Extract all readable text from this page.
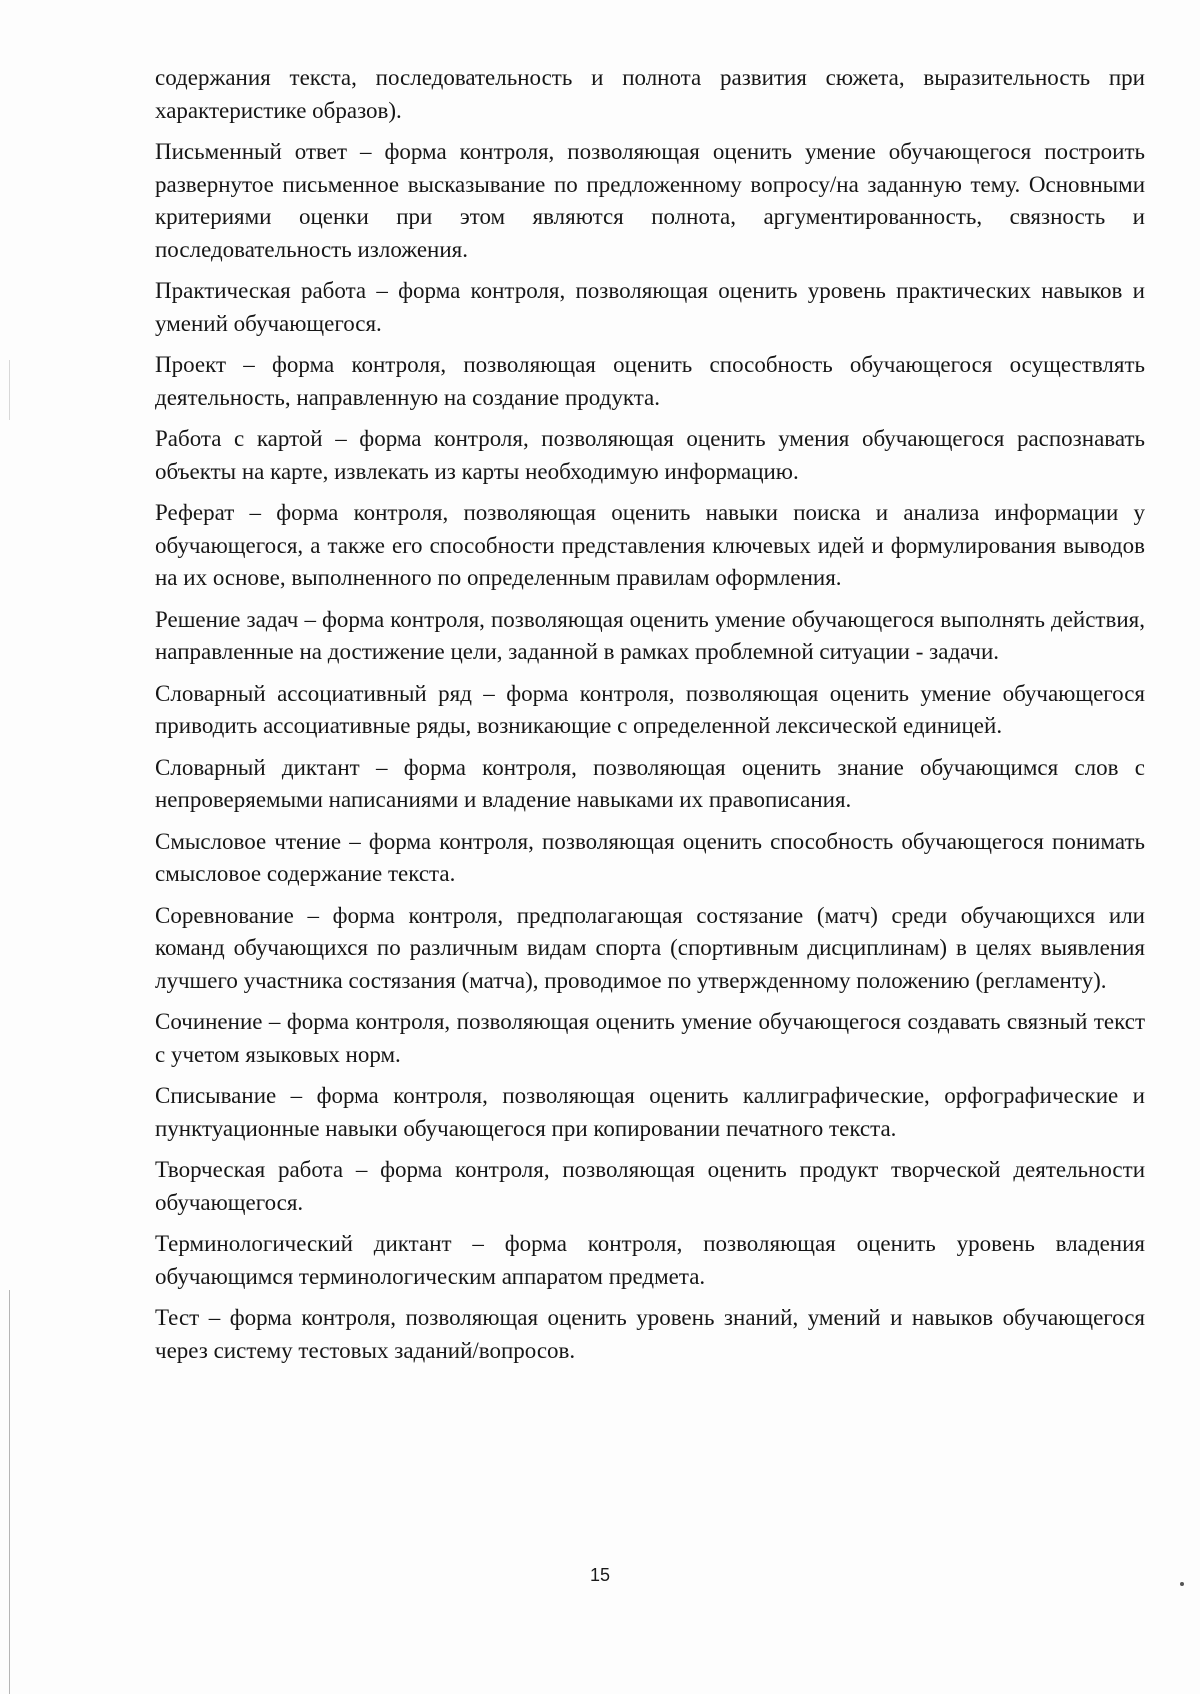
содержания текста, последовательность и полнота развития сюжета, выразительность при характеристике образов).

Письменный ответ – форма контроля, позволяющая оценить умение обучающегося построить развернутое письменное высказывание по предложенному вопросу/на заданную тему. Основными критериями оценки при этом являются полнота, аргументированность, связность и последовательность изложения.

Практическая работа – форма контроля, позволяющая оценить уровень практических навыков и умений обучающегося.

Проект – форма контроля, позволяющая оценить способность обучающегося осуществлять деятельность, направленную на создание продукта.

Работа с картой – форма контроля, позволяющая оценить умения обучающегося распознавать объекты на карте, извлекать из карты необходимую информацию.

Реферат – форма контроля, позволяющая оценить навыки поиска и анализа информации у обучающегося, а также его способности представления ключевых идей и формулирования выводов на их основе, выполненного по определенным правилам оформления.

Решение задач – форма контроля, позволяющая оценить умение обучающегося выполнять действия, направленные на достижение цели, заданной в рамках проблемной ситуации - задачи.

Словарный ассоциативный ряд – форма контроля, позволяющая оценить умение обучающегося приводить ассоциативные ряды, возникающие с определенной лексической единицей.

Словарный диктант – форма контроля, позволяющая оценить знание обучающимся слов с непроверяемыми написаниями и владение навыками их правописания.

Смысловое чтение – форма контроля, позволяющая оценить способность обучающегося понимать смысловое содержание текста.

Соревнование – форма контроля, предполагающая состязание (матч) среди обучающихся или команд обучающихся по различным видам спорта (спортивным дисциплинам) в целях выявления лучшего участника состязания (матча), проводимое по утвержденному положению (регламенту).

Сочинение – форма контроля, позволяющая оценить умение обучающегося создавать связный текст с учетом языковых норм.

Списывание – форма контроля, позволяющая оценить каллиграфические, орфографические и пунктуационные навыки обучающегося при копировании печатного текста.

Творческая работа – форма контроля, позволяющая оценить продукт творческой деятельности обучающегося.

Терминологический диктант – форма контроля, позволяющая оценить уровень владения обучающимся терминологическим аппаратом предмета.

Тест – форма контроля, позволяющая оценить уровень знаний, умений и навыков обучающегося через систему тестовых заданий/вопросов.

15
